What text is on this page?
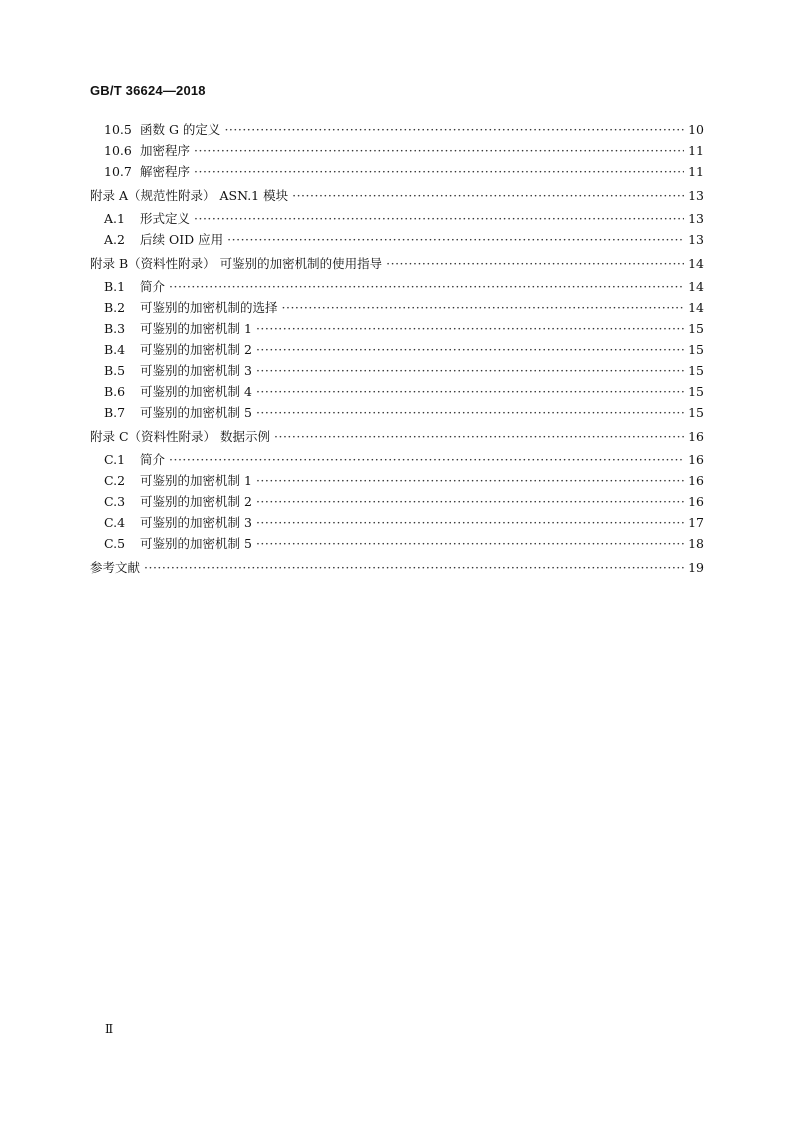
GB/T 36624—2018
10.5 函数 G 的定义 ·····	10
10.6 加密程序 ·····	11
10.7 解密程序 ·····	11
附录 A（规范性附录） ASN.1 模块 ·····	13
A.1	形式定义 ·····	13
A.2	后续 OID 应用 ·····	13
附录 B（资料性附录） 可鉴别的加密机制的使用指导 ·····	14
B.1	简介 ·····	14
B.2	可鉴别的加密机制的选择 ·····	14
B.3	可鉴别的加密机制 1 ·····	15
B.4	可鉴别的加密机制 2 ·····	15
B.5	可鉴别的加密机制 3 ·····	15
B.6	可鉴别的加密机制 4 ·····	15
B.7	可鉴别的加密机制 5 ·····	15
附录 C（资料性附录） 数据示例 ·····	16
C.1	简介 ·····	16
C.2	可鉴别的加密机制 1 ·····	16
C.3	可鉴别的加密机制 2 ·····	16
C.4	可鉴别的加密机制 3 ·····	17
C.5	可鉴别的加密机制 5 ·····	18
参考文献 ·····	19
Ⅱ
